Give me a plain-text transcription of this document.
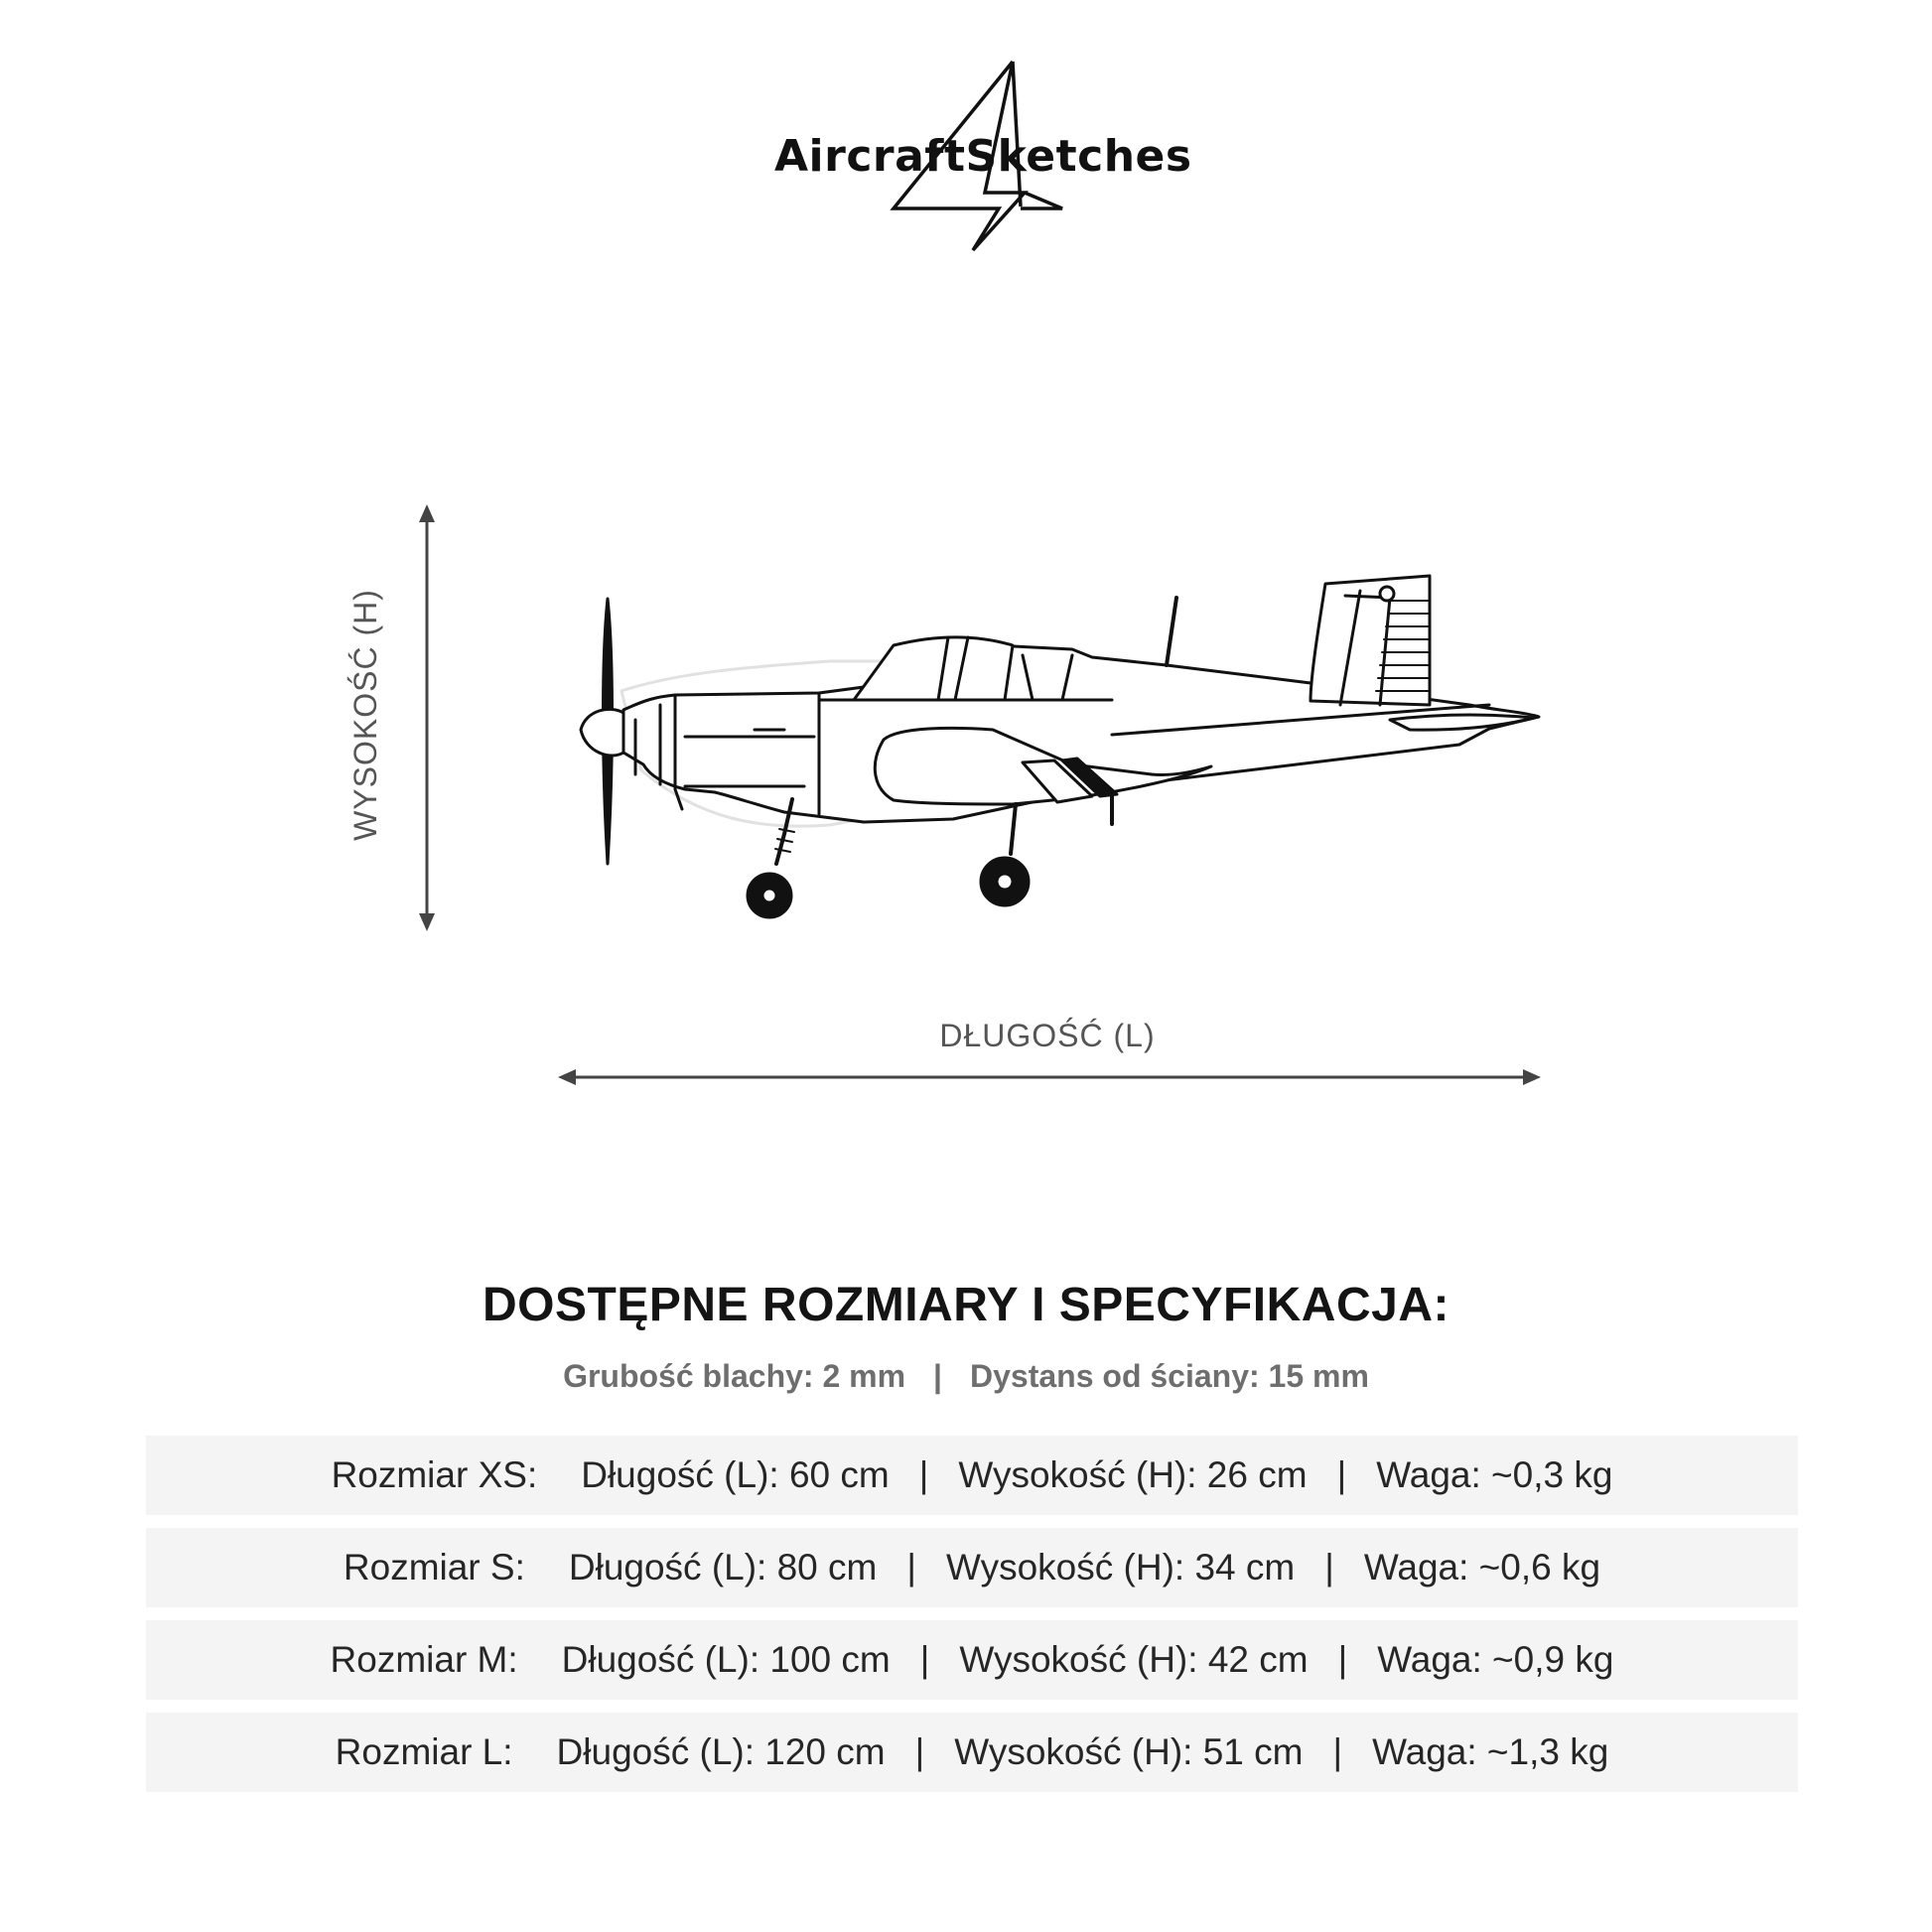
AircraftSketches
WYSOKOŚĆ (H)
DŁUGOŚĆ (L)
DOSTĘPNE ROZMIARY I SPECYFIKACJA:
Grubość blachy: 2 mm | Dystans od ściany: 15 mm
Rozmiar XS: Długość (L): 60 cm | Wysokość (H): 26 cm | Waga: ~0,3 kg
Rozmiar S: Długość (L): 80 cm | Wysokość (H): 34 cm | Waga: ~0,6 kg
Rozmiar M: Długość (L): 100 cm | Wysokość (H): 42 cm | Waga: ~0,9 kg
Rozmiar L: Długość (L): 120 cm | Wysokość (H): 51 cm | Waga: ~1,3 kg
